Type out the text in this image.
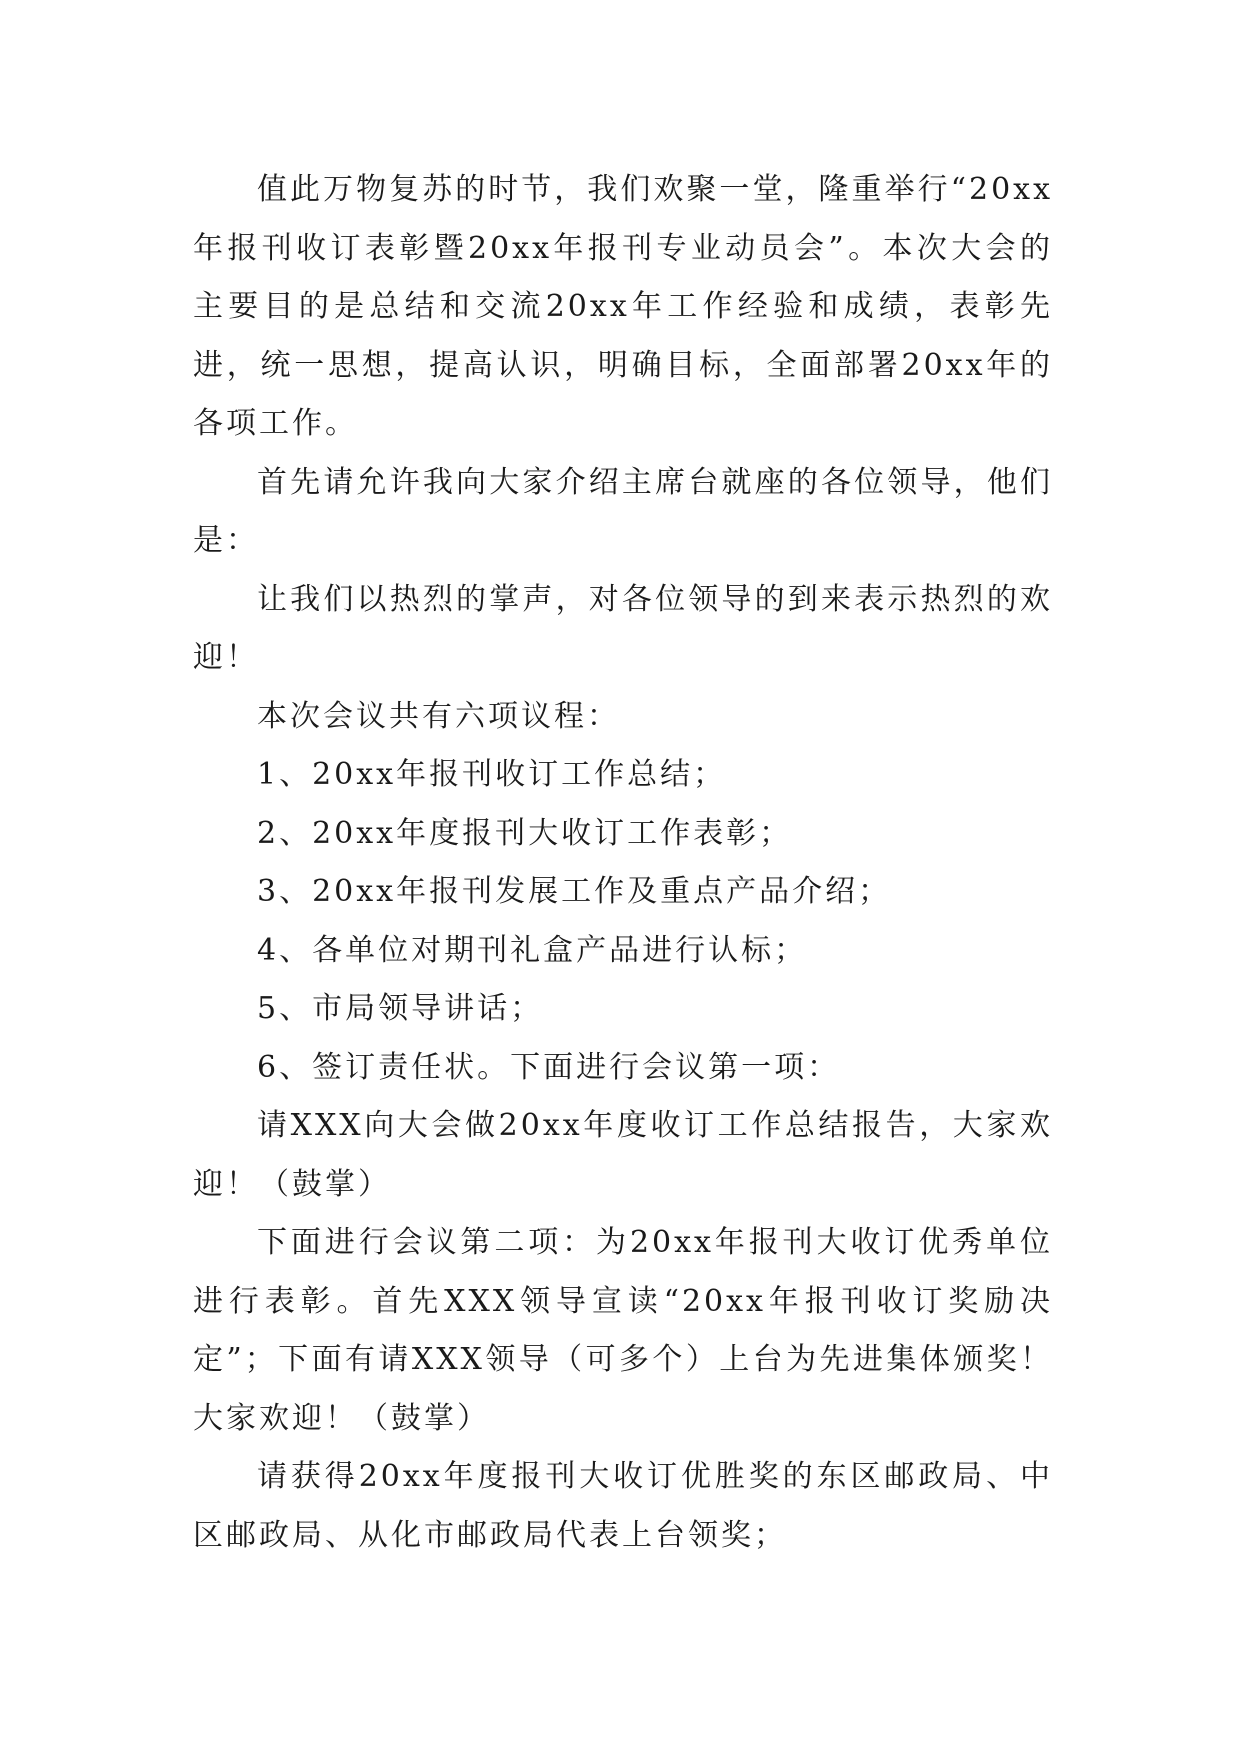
值此万物复苏的时节，我们欢聚一堂，隆重举行“20xx年报刊收订表彰暨20xx年报刊专业动员会”。本次大会的主要目的是总结和交流20xx年工作经验和成绩，表彰先进，统一思想，提高认识，明确目标，全面部署20xx年的各项工作。

首先请允许我向大家介绍主席台就座的各位领导，他们是：

让我们以热烈的掌声，对各位领导的到来表示热烈的欢迎！

本次会议共有六项议程：

1、20xx年报刊收订工作总结；

2、20xx年度报刊大收订工作表彰；

3、20xx年报刊发展工作及重点产品介绍；

4、各单位对期刊礼盒产品进行认标；

5、市局领导讲话；

6、签订责任状。下面进行会议第一项：

请XXX向大会做20xx年度收订工作总结报告，大家欢迎！（鼓掌）

下面进行会议第二项：为20xx年报刊大收订优秀单位进行表彰。首先XXX领导宣读“20xx年报刊收订奖励决定”；下面有请XXX领导（可多个）上台为先进集体颁奖！大家欢迎！（鼓掌）

请获得20xx年度报刊大收订优胜奖的东区邮政局、中区邮政局、从化市邮政局代表上台领奖；
